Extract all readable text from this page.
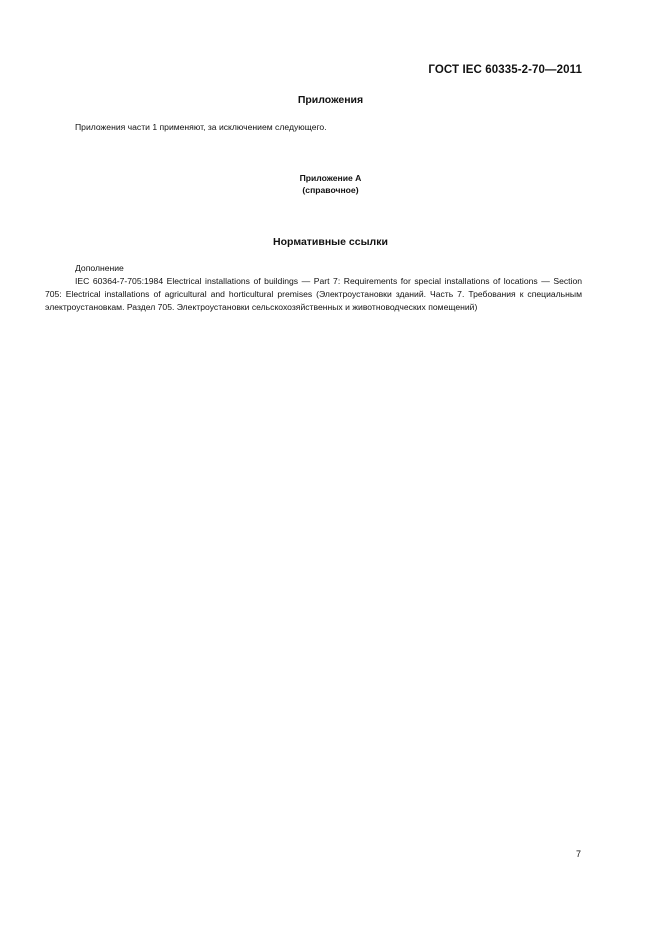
ГОСТ IEC 60335-2-70—2011
Приложения
Приложения части 1 применяют, за исключением следующего.
Приложение А
(справочное)
Нормативные ссылки

Дополнение

IEC 60364-7-705:1984 Electrical installations of buildings — Part 7: Requirements for special installations of locations — Section 705: Electrical installations of agricultural and horticultural premises (Электроустановки зданий. Часть 7. Требования к специальным электроустановкам. Раздел 705. Электроустановки сельскохозяйственных и животноводческих помещений)

7
